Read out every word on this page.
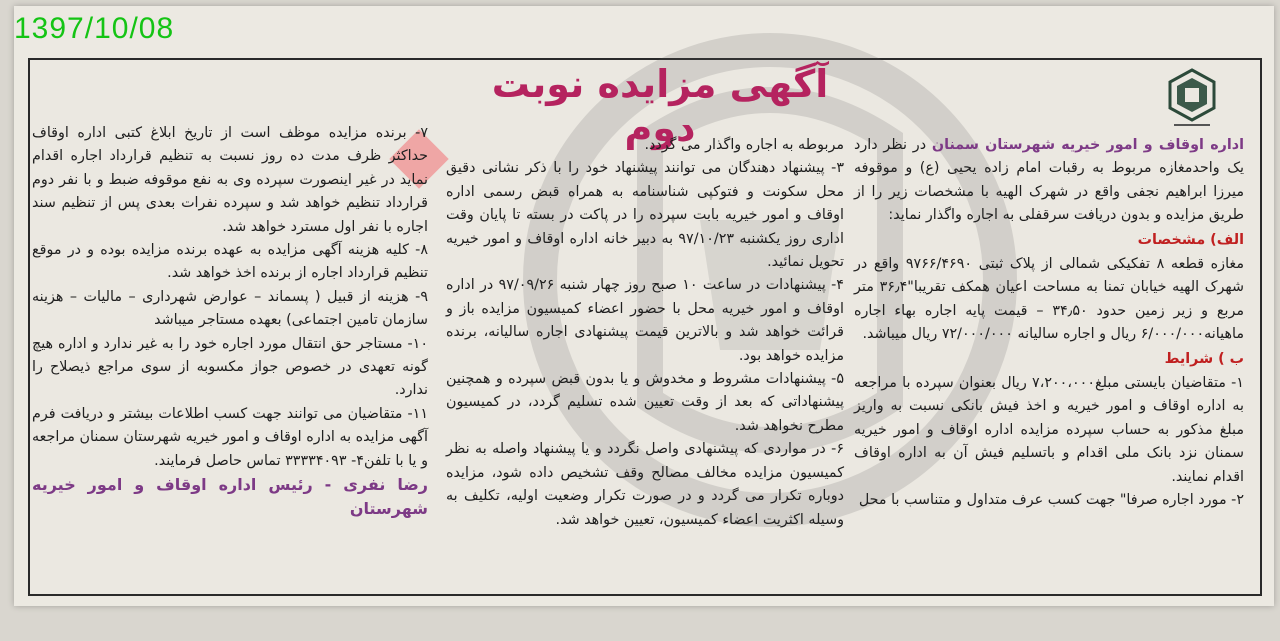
1397/10/08
آگهی مزایده نوبت دوم	اداره اوقاف و امور خیریه شهرستان سمنان در نظر دارد یک واحدمغازه مربوط به رقبات امام زاده یحیی (ع) و موقوفه میرزا ابراهیم نجفی واقع در شهرک الهیه با مشخصات زیر را از طریق مزایده و بدون دریافت سرقفلی به اجاره واگذار نماید:

الف) مشخصات

مغازه قطعه ۸ تفکیکی شمالی از پلاک ثبتی ۹۷۶۶/۴۶۹۰ واقع در شهرک الهیه خیابان تمنا به مساحت اعیان همکف تقریبا"۳۶٫۴ متر مربع و زیر زمین حدود ۳۴٫۵۰ – قیمت پایه اجاره بهاء اجاره ماهیانه۶/۰۰۰/۰۰۰ ریال و اجاره سالیانه ۷۲/۰۰۰/۰۰۰ ریال میباشد.

ب ) شرایط

۱- متقاضیان بایستی مبلغ۷،۲۰۰،۰۰۰ ریال بعنوان سپرده با مراجعه به اداره اوقاف و امور خیریه و اخذ فیش بانکی نسبت به واریز مبلغ مذکور به حساب سپرده مزایده اداره اوقاف و امور خیریه سمنان نزد بانک ملی اقدام و باتسلیم فیش آن به اداره اوقاف اقدام نمایند.

۲- مورد اجاره صرفا" جهت کسب عرف متداول و متناسب با محل

مربوطه به اجاره واگذار می گردد.

۳- پیشنهاد دهندگان می توانند پیشنهاد خود را با ذکر نشانی دقیق محل سکونت و فتوکپی شناسنامه به همراه قبض رسمی اداره اوقاف و امور خیریه بابت سپرده را در پاکت در بسته تا پایان وقت اداری روز یکشنبه ۹۷/۱۰/۲۳ به دبیر خانه اداره اوقاف و امور خیریه تحویل نمائید.

۴- پیشنهادات در ساعت ۱۰ صبح روز چهار شنبه ۹۷/۰۹/۲۶ در اداره اوقاف و امور خیریه محل با حضور اعضاء کمیسیون مزایده باز و قرائت خواهد شد و بالاترین قیمت پیشنهادی اجاره سالیانه، برنده مزایده خواهد بود.

۵- پیشنهادات مشروط و مخدوش و یا بدون قبض سپرده و همچنین پیشنهاداتی که بعد از وقت تعیین شده تسلیم گردد، در کمیسیون مطرح نخواهد شد.

۶- در مواردی که پیشنهادی واصل نگردد و یا پیشنهاد واصله به نظر کمیسیون مزایده مخالف مصالح وقف تشخیص داده شود، مزایده دوباره تکرار می گردد و در صورت تکرار وضعیت اولیه، تکلیف به وسیله اکثریت اعضاء کمیسیون، تعیین خواهد شد.

۷- برنده مزایده موظف است از تاریخ ابلاغ کتبی اداره اوقاف حداکثر ظرف مدت ده روز نسبت به تنظیم قرارداد اجاره اقدام نماید در غیر اینصورت سپرده وی به نفع موقوفه ضبط و با نفر دوم قرارداد تنظیم خواهد شد و سپرده نفرات بعدی پس از تنظیم سند اجاره با نفر اول مسترد خواهد شد.

۸- کلیه هزینه آگهی مزایده به عهده برنده مزایده بوده و در موقع تنظیم قرارداد اجاره از برنده اخذ خواهد شد.

۹- هزینه از قبیل ( پسماند – عوارض شهرداری – مالیات – هزینه سازمان تامین اجتماعی) بعهده مستاجر میباشد

۱۰- مستاجر حق انتقال مورد اجاره خود را به غیر ندارد و اداره هیچ گونه تعهدی در خصوص جواز مکسوبه از سوی مراجع ذیصلاح را ندارد.

۱۱- متقاضیان می توانند جهت کسب اطلاعات بیشتر و دریافت فرم آگهی مزایده به اداره اوقاف و امور خیریه شهرستان سمنان مراجعه و یا با تلفن۴- ۳۳۳۳۴۰۹۳ تماس حاصل فرمایند.

رضا نفری - رئیس اداره اوقاف و امور خیریه شهرستان
